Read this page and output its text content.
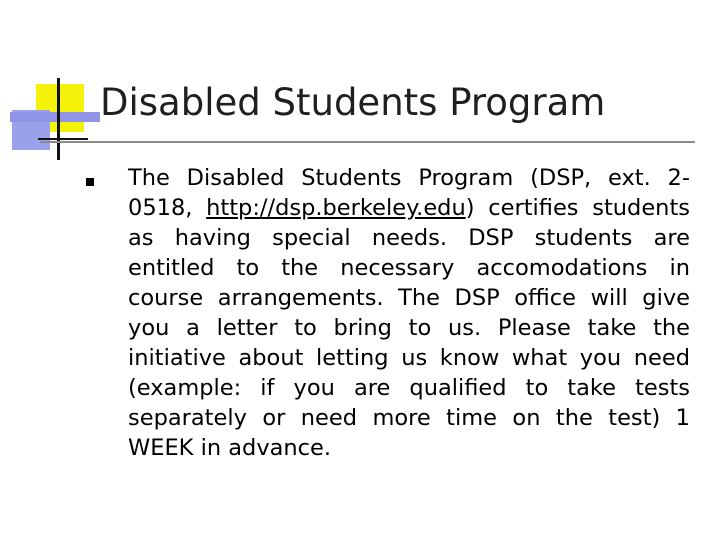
Disabled Students Program
The Disabled Students Program (DSP, ext. 2-0518, http://dsp.berkeley.edu) certifies students as having special needs. DSP students are entitled to the necessary accomodations in course arrangements. The DSP office will give you a letter to bring to us. Please take the initiative about letting us know what you need (example: if you are qualified to take tests separately or need more time on the test) 1 WEEK in advance.
